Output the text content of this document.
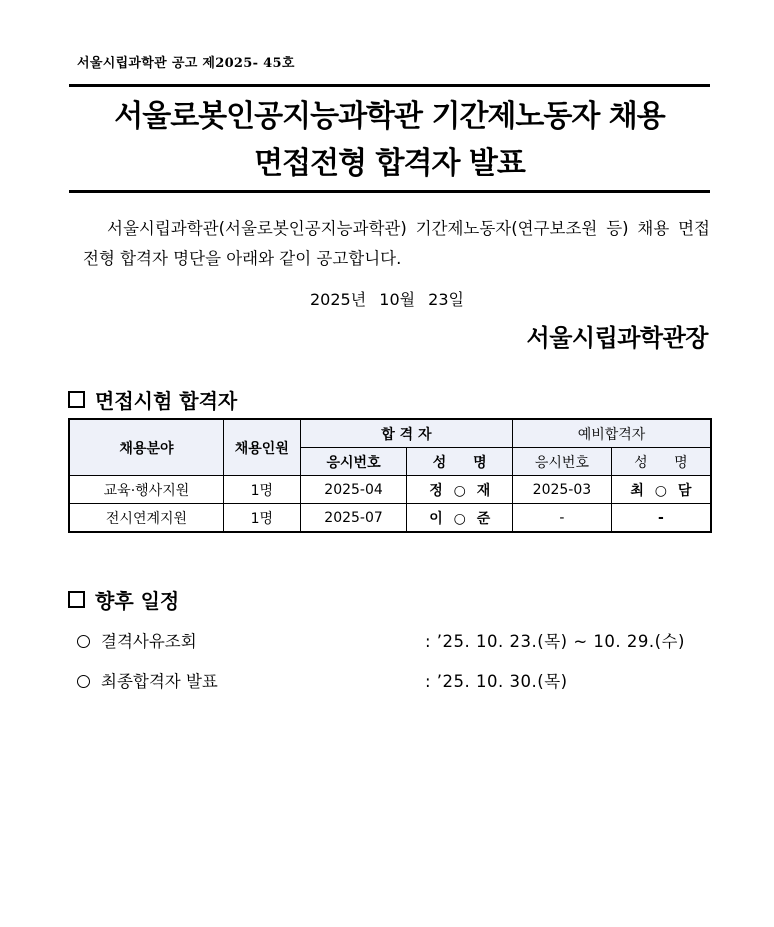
서울시립과학관 공고 제2025- 45호
서울로봇인공지능과학관 기간제노동자 채용
면접전형 합격자 발표
서울시립과학관(서울로봇인공지능과학관) 기간제노동자(연구보조원 등) 채용 면접전형 합격자 명단을 아래와 같이 공고합니다.
2025년 10월 23일
서울시립과학관장
면접시험 합격자
채용분야	채용인원	합 격 자		예비합격자	
		응시번호	성 명	응시번호	성 명
교육·행사지원	1명	2025-04	정 ○ 재	2025-03	최 ○ 담
전시연계지원	1명	2025-07	이 ○ 준	-	-
향후 일정
결격사유조회	: ’25. 10. 23.(목) ~ 10. 29.(수)
최종합격자 발표	: ’25. 10. 30.(목)
